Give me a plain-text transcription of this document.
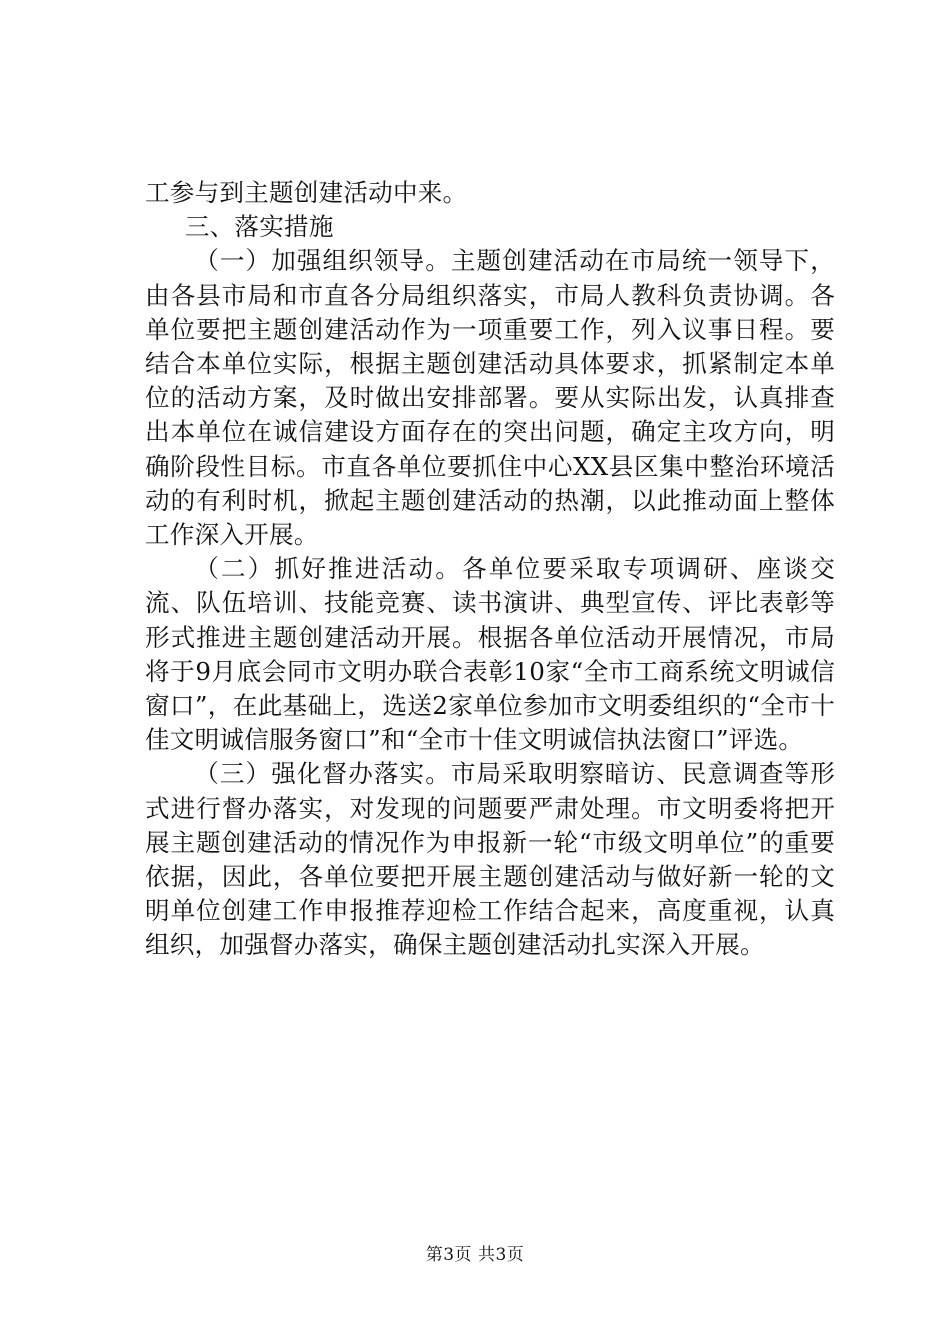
工参与到主题创建活动中来。

三、落实措施

（一）加强组织领导。主题创建活动在市局统一领导下，由各县市局和市直各分局组织落实，市局人教科负责协调。各单位要把主题创建活动作为一项重要工作，列入议事日程。要结合本单位实际，根据主题创建活动具体要求，抓紧制定本单位的活动方案，及时做出安排部署。要从实际出发，认真排查出本单位在诚信建设方面存在的突出问题，确定主攻方向，明确阶段性目标。市直各单位要抓住中心XX县区集中整治环境活动的有利时机，掀起主题创建活动的热潮，以此推动面上整体工作深入开展。

（二）抓好推进活动。各单位要采取专项调研、座谈交流、队伍培训、技能竞赛、读书演讲、典型宣传、评比表彰等形式推进主题创建活动开展。根据各单位活动开展情况，市局将于9月底会同市文明办联合表彰10家“全市工商系统文明诚信窗口”，在此基础上，选送2家单位参加市文明委组织的“全市十佳文明诚信服务窗口”和“全市十佳文明诚信执法窗口”评选。

（三）强化督办落实。市局采取明察暗访、民意调查等形式进行督办落实，对发现的问题要严肃处理。市文明委将把开展主题创建活动的情况作为申报新一轮“市级文明单位”的重要依据，因此，各单位要把开展主题创建活动与做好新一轮的文明单位创建工作申报推荐迎检工作结合起来，高度重视，认真组织，加强督办落实，确保主题创建活动扎实深入开展。

第3页 共3页
